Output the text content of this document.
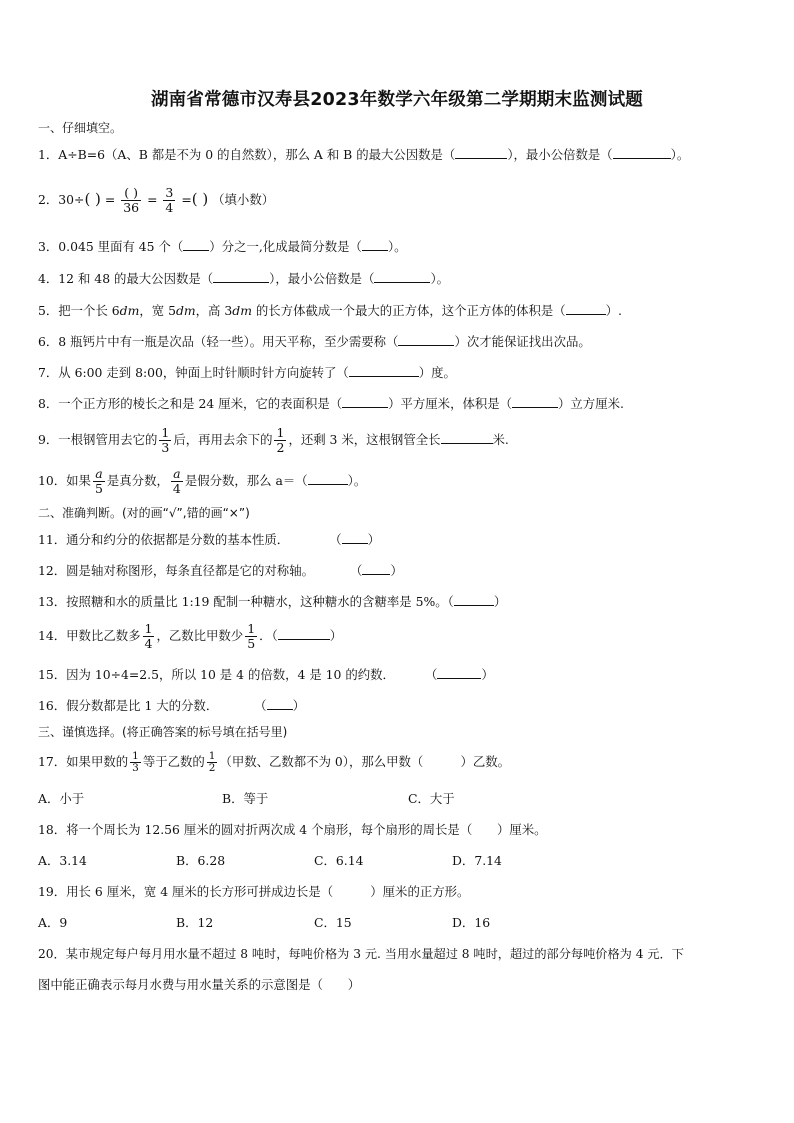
湖南省常德市汉寿县2023年数学六年级第二学期期末监测试题
一、仔细填空。
1．A÷B=6（A、B 都是不为 0 的自然数），那么 A 和 B 的最大公因数是（	），最小公倍数是（	）。
2．30÷( ) = $\frac{( )}{36} = \frac{3}{4}$ =( ) （填小数）
3．0.045 里面有 45 个（ ）分之一,化成最简分数是（ ）。
4．12 和 48 的最大公因数是（	），最小公倍数是（	）。
5．把一个长 6dm，宽 5dm，高 3dm 的长方体截成一个最大的正方体，这个正方体的体积是（	）.
6．8 瓶钙片中有一瓶是次品（轻一些）。用天平称，至少需要称（	）次才能保证找出次品。
7．从 6:00 走到 8:00，钟面上时针顺时针方向旋转了（	）度。
8．一个正方形的棱长之和是 24 厘米，它的表面积是（	）平方厘米，体积是（	）立方厘米.
9．一根钢管用去它的 $\frac{1}{3}$ 后，再用去余下的 $\frac{1}{2}$ ，还剩 3 米，这根钢管全长	米.
10．如果 $\frac{a}{5}$ 是真分数， $\frac{a}{4}$ 是假分数，那么 a＝（	）。
二、准确判断。(对的画“√”,错的画“×”)
11．通分和约分的依据都是分数的基本性质．	（ ）
12．圆是轴对称图形，每条直径都是它的对称轴。	（ ）
13．按照糖和水的质量比 1:19 配制一种糖水，这种糖水的含糖率是 5%。（	）
14．甲数比乙数多 $\frac{1}{4}$ ，乙数比甲数少 $\frac{1}{5}$ ．（	）
15．因为 10÷4=2.5，所以 10 是 4 的倍数，4 是 10 的约数． （	）
16．假分数都是比 1 大的分数．	（ ）
三、谨慎选择。(将正确答案的标号填在括号里)
17．如果甲数的 $\frac{1}{3}$ 等于乙数的 $\frac{1}{2}$ （甲数、乙数都不为 0），那么甲数（　　　）乙数。
A．小于	B．等于	C．大于
18．将一个周长为 12.56 厘米的圆对折两次成 4 个扇形，每个扇形的周长是（　　）厘米。
A．3.14	B．6.28	C．6.14	D．7.14
19．用长 6 厘米，宽 4 厘米的长方形可拼成边长是（　　　）厘米的正方形。
A．9	B．12	C．15	D．16
20．某市规定每户每月用水量不超过 8 吨时，每吨价格为 3 元. 当用水量超过 8 吨时，超过的部分每吨价格为 4 元．下
图中能正确表示每月水费与用水量关系的示意图是（　　）
